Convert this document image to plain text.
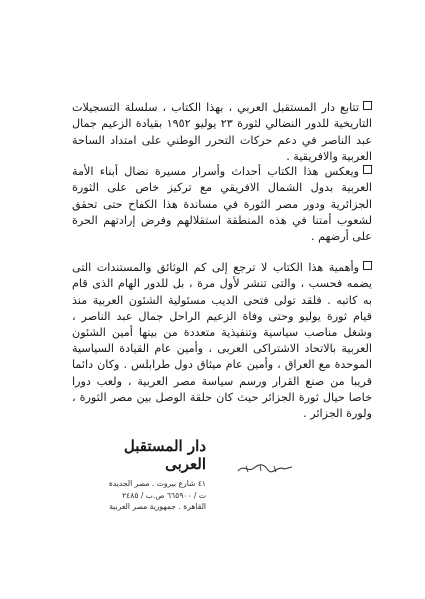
تتابع دار المستقبل العربي ، بهذا الكتاب ، سلسلة التسجيلات التاريخية للدور النضالي لثورة ٢٣ يوليو ١٩٥٢ بقيادة الزعيم جمال عبد الناصر في دعم حركات التحرر الوطني على امتداد الساحة العربية والافريقية .

ويعكس هذا الكتاب أحداث وأسرار مسيرة نضال أبناء الأمة العربية بدول الشمال الافريقي مع تركيز خاص على الثورة الجزائرية ودور مصر الثورة في مساندة هذا الكفاح حتى تحقق لشعوب أمتنا في هذه المنطقة استقلالهم وفرض إرادتهم الحرة على أرضهم .

وأهمية هذا الكتاب لا ترجع إلى كم الوثائق والمستندات التى يضمه فحسب ، والتى تنشر لأول مرة ، بل للدور الهام الذى قام به كاتبه . فلقد تولى فتحى الديب مسئولية الشئون العربية منذ قيام ثورة يوليو وحتى وفاة الزعيم الراحل جمال عبد الناصر ، وشغل مناصب سياسية وتنفيذية متعددة من بينها أمين الشئون العربية بالاتحاد الاشتراكى العربى ، وأمين عام القيادة السياسية الموحدة مع العراق ، وأمين عام ميثاق دول طرابلس . وكان دائما قريبا من صنع القرار ورسم سياسة مصر العربية ، ولعب دورا خاصا حيال ثورة الجزائر حيث كان حلقة الوصل بين مصر الثورة ، ولورة الجزائر .

دار المستقبل العربى
٤١ شارع بيروت . مصر الجديدة
ت / ٦٦٥٩٠٠ ص.ب / ٢٤٨٥
القاهرة . جمهورية مصر العربية
